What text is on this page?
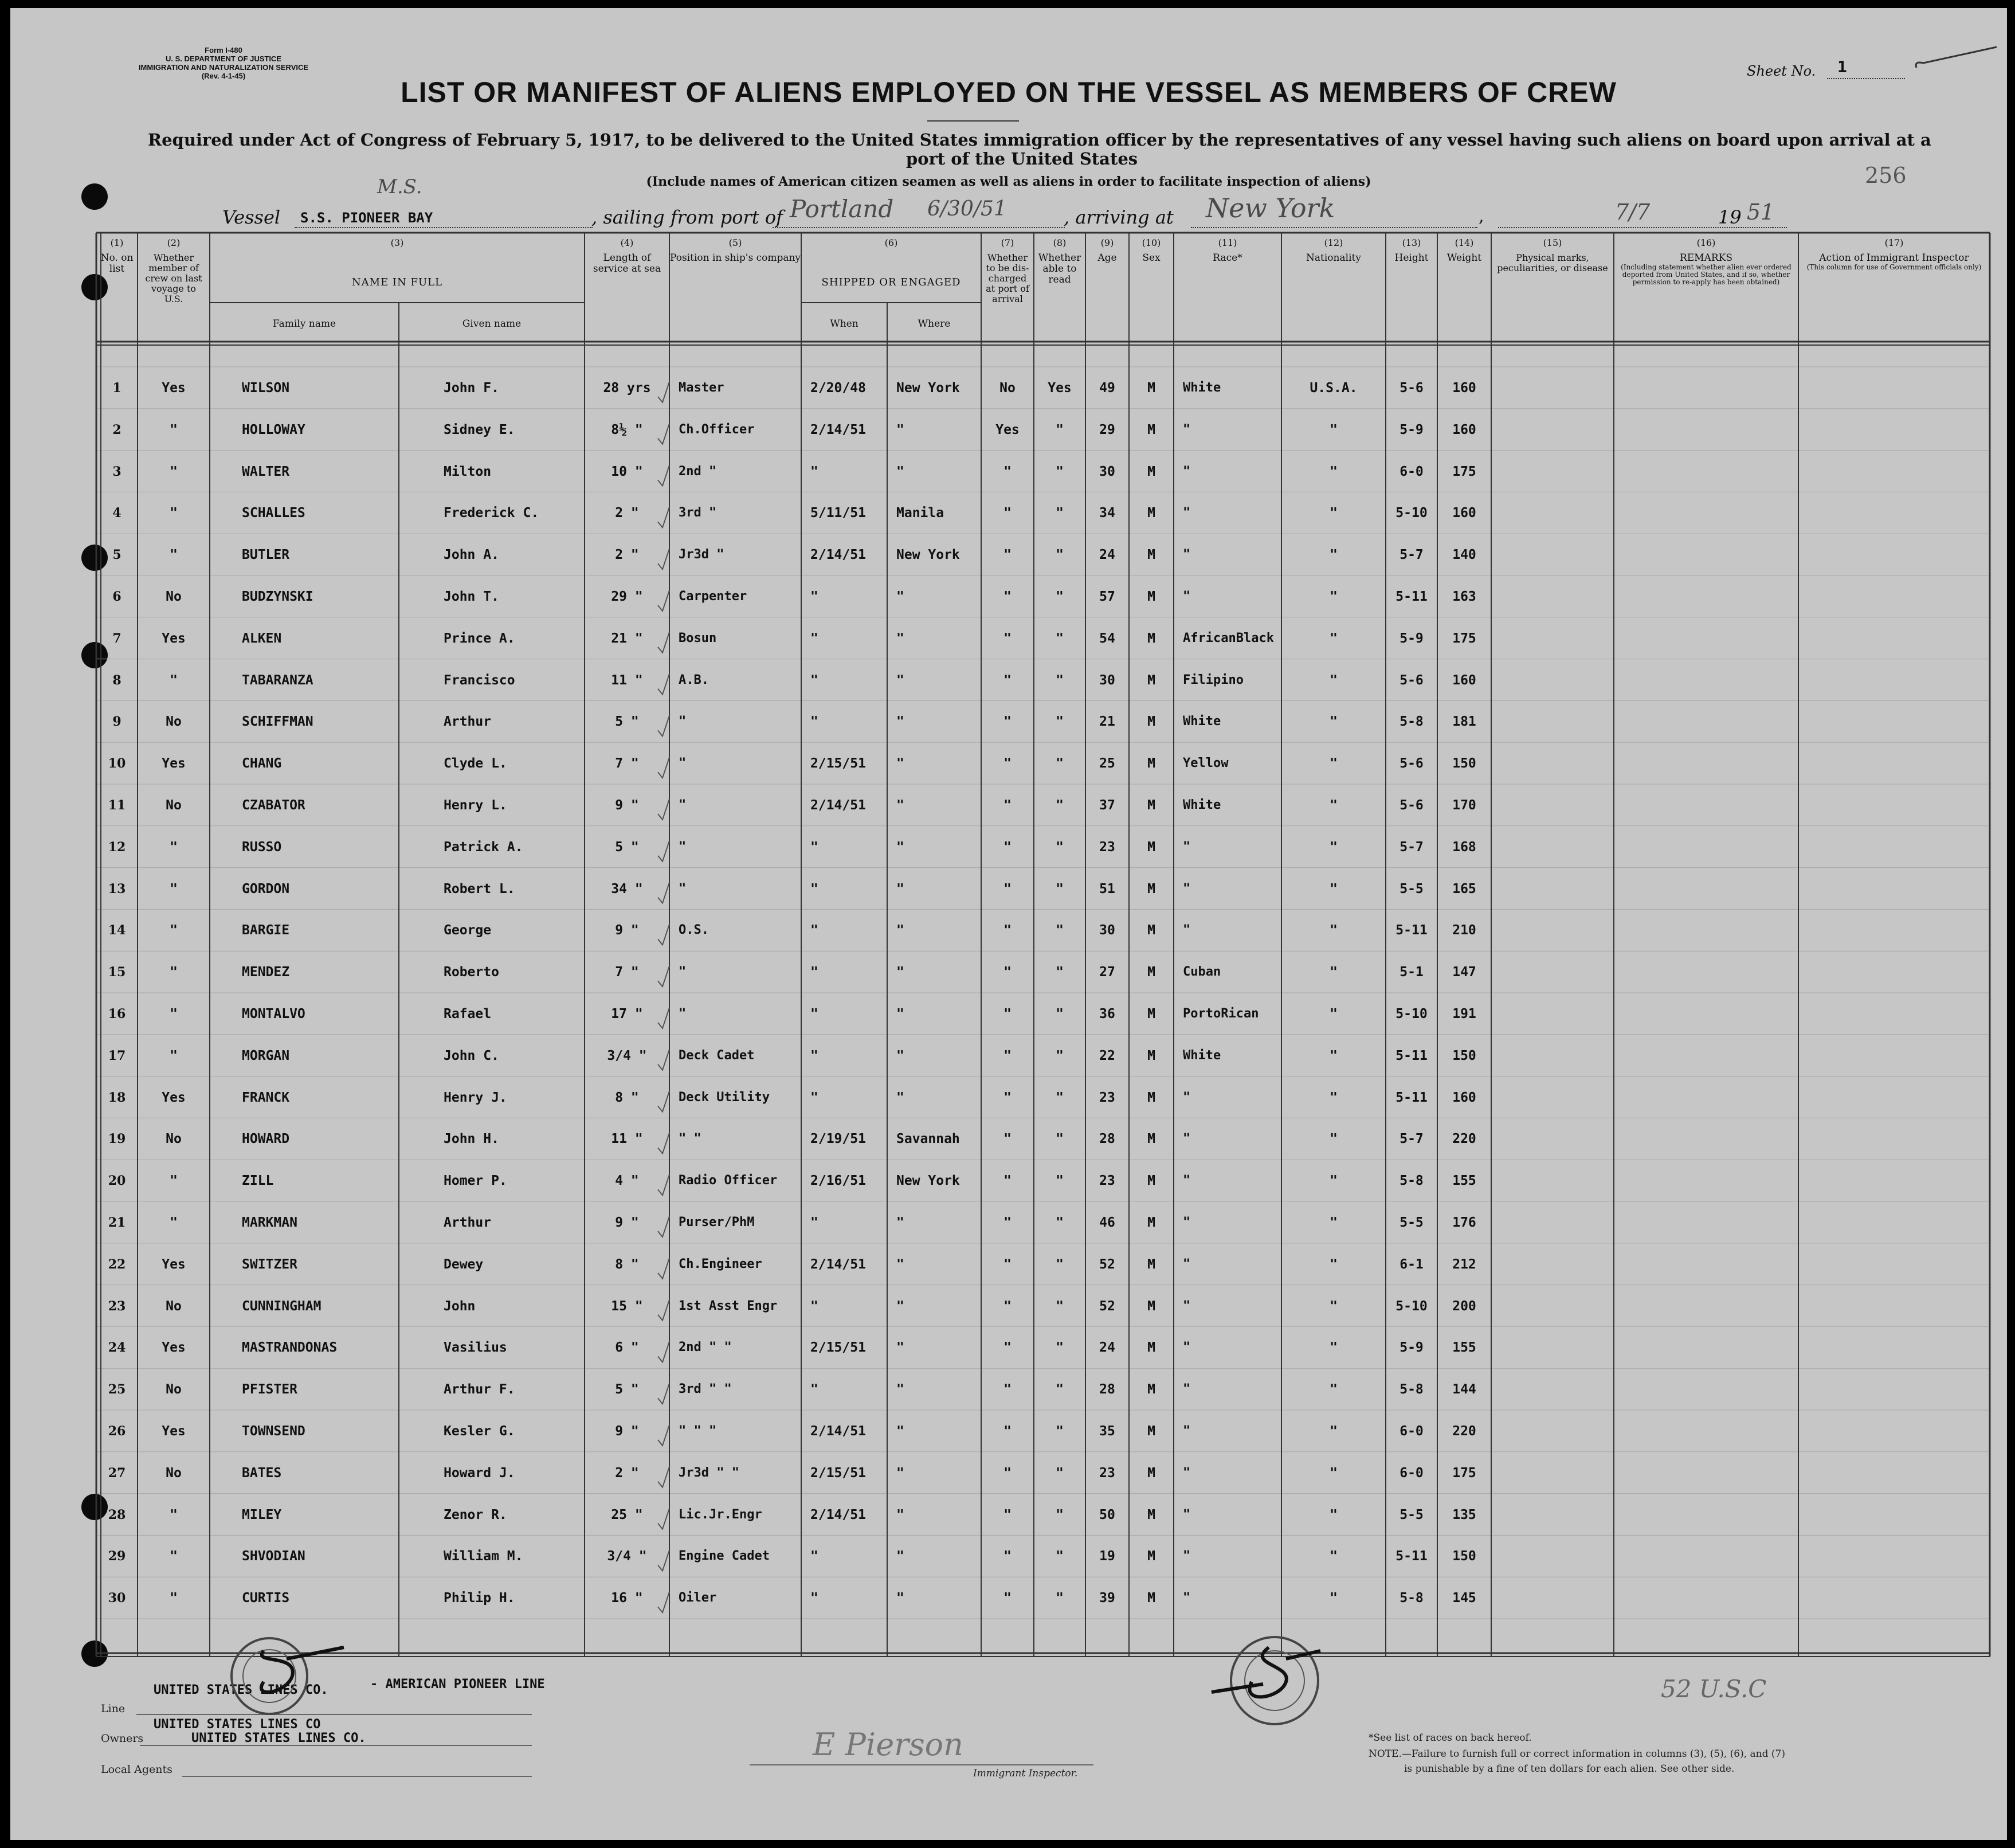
Form I-480
U. S. DEPARTMENT OF JUSTICE
IMMIGRATION AND NATURALIZATION SERVICE
(Rev. 4-1-45)	Sheet No. 1
LIST OR MANIFEST OF ALIENS EMPLOYED ON THE VESSEL AS MEMBERS OF CREW
Required under Act of Congress of February 5, 1917, to be delivered to the United States immigration officer by the representatives of any vessel having such aliens on board upon arrival at a
port of the United States
(Include names of American citizen seamen as well as aliens in order to facilitate inspection of aliens)	256
Vessel
M.S.
S.S. PIONEER BAY	, sailing from port of Portland 6/30/51	, arriving at New York	,	7/7	19 51
(1)
No. on list
(2)
Whether member of crew on last voyage to U.S.
(3)
NAME IN FULL
Family name	Given name
(4)
Length of service at sea
(5)
Position in ship's company
(6)
SHIPPED OR ENGAGED
When	Where
(7)
Whether to be dis-charged at port of arrival
(8)
Whether able to read
(9)
Age
(10)
Sex
(11)
Race*
(12)
Nationality
(13)
Height
(14)
Weight
(15)
Physical marks, peculiarities, or disease
(16)
REMARKS
(Including statement whether alien ever ordered deported from United States, and if so, whether permission to re-apply has been obtained)
(17)
Action of Immigrant Inspector
(This column for use of Government officials only)
1	Yes	WILSON	John F.	28 yrs	Master	2/20/48 New York	No	Yes	49	M	White	U.S.A.	5-6	160
2	"	HOLLOWAY	Sidney E.	8½ "	Ch.Officer	2/14/51 "	Yes	"	29	M	"	"	5-9	160
3	"	WALTER	Milton	10 "	2nd "	"	"	"	"	30	M	"	"	6-0	175
4	"	SCHALLES	Frederick C.	2 "	3rd "	5/11/51 Manila	"	"	34	M	"	"	5-10	160
5	"	BUTLER	John A.	2 "	Jr3d "	2/14/51 New York	"	"	24	M	"	"	5-7	140
6	No	BUDZYNSKI	John T.	29 "	Carpenter	"	"	"	"	57	M	"	"	5-11	163
7	Yes	ALKEN	Prince A.	21 "	Bosun	"	"	"	"	54	M	AfricanBlack	"	5-9	175
8	"	TABARANZA	Francisco	11 "	A.B.	"	"	"	"	30	M	Filipino	"	5-6	160
9	No	SCHIFFMAN	Arthur	5 "	"	"	"	"	"	21	M	White	"	5-8	181
10	Yes	CHANG	Clyde L.	7 "	"	2/15/51 "	"	"	25	M	Yellow	"	5-6	150
11	No	CZABATOR	Henry L.	9 "	"	2/14/51 "	"	"	37	M	White	"	5-6	170
12	"	RUSSO	Patrick A.	5 "	"	"	"	"	"	23	M	"	"	5-7	168
13	"	GORDON	Robert L.	34 "	"	"	"	"	"	51	M	"	"	5-5	165
14	"	BARGIE	George	9 "	O.S.	"	"	"	"	30	M	"	"	5-11	210
15	"	MENDEZ	Roberto	7 "	"	"	"	"	"	27	M	Cuban	"	5-1	147
16	"	MONTALVO	Rafael	17 "	"	"	"	"	"	36	M	PortoRican	"	5-10	191
17	"	MORGAN	John C.	3/4 "	Deck Cadet	"	"	"	"	22	M	White	"	5-11	150
18	Yes	FRANCK	Henry J.	8 "	Deck Utility	"	"	"	"	23	M	"	"	5-11	160
19	No	HOWARD	John H.	11 "	" "	2/19/51 Savannah	"	"	28	M	"	"	5-7	220
20	"	ZILL	Homer P.	4 "	Radio Officer	2/16/51 New York	"	"	23	M	"	"	5-8	155
21	"	MARKMAN	Arthur	9 "	Purser/PhM	"	"	"	"	46	M	"	"	5-5	176
22	Yes	SWITZER	Dewey	8 "	Ch.Engineer	2/14/51 "	"	"	52	M	"	"	6-1	212
23	No	CUNNINGHAM	John	15 "	1st Asst Engr	"	"	"	"	52	M	"	"	5-10	200
24	Yes	MASTRANDONAS	Vasilius	6 "	2nd " "	2/15/51 "	"	"	24	M	"	"	5-9	155
25	No	PFISTER	Arthur F.	5 "	3rd " "	"	"	"	"	28	M	"	"	5-8	144
26	Yes	TOWNSEND	Kesler G.	9 "	" " "	2/14/51 "	"	"	35	M	"	"	6-0	220
27	No	BATES	Howard J.	2 "	Jr3d " "	2/15/51 "	"	"	23	M	"	"	6-0	175
28	"	MILEY	Zenor R.	25 "	Lic.Jr.Engr	2/14/51 "	"	"	50	M	"	"	5-5	135
29	"	SHVODIAN	William M.	3/4 "	Engine Cadet	"	"	"	"	19	M	"	"	5-11	150
30	"	CURTIS	Philip H.	16 "	Oiler	"	"	"	"	39	M	"	"	5-8	145
UNITED STATES LINES CO.	- AMERICAN PIONEER LINE
Line
UNITED STATES LINES CO
UNITED STATES LINES CO.
Owners
Local Agents
E Pierson
Immigrant Inspector.
52 U.S.C
*See list of races on back hereof.
NOTE.—Failure to furnish full or correct information in columns (3), (5), (6), and (7)
is punishable by a fine of ten dollars for each alien. See other side.
